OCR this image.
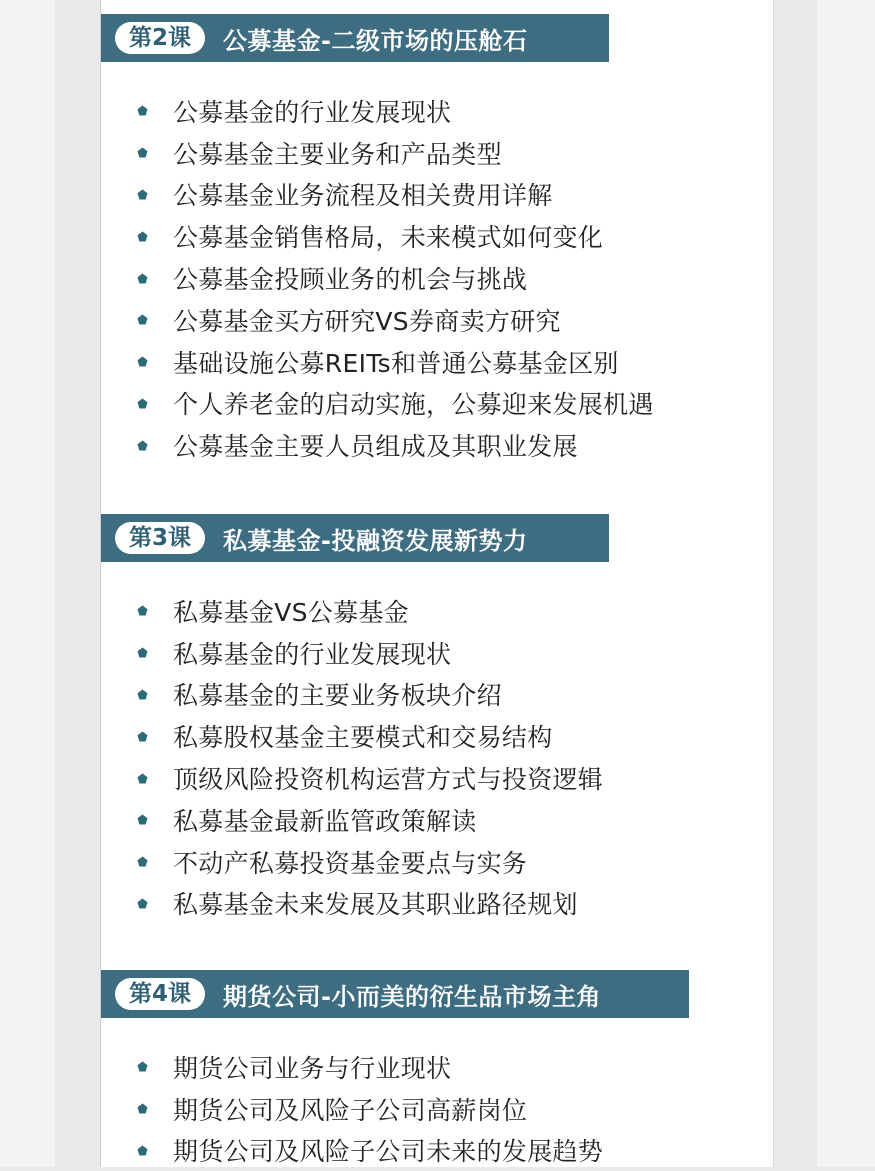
第2课	公募基金-二级市场的压舱石
公募基金的行业发展现状
公募基金主要业务和产品类型
公募基金业务流程及相关费用详解
公募基金销售格局，未来模式如何变化
公募基金投顾业务的机会与挑战
公募基金买方研究VS券商卖方研究
基础设施公募REITs和普通公募基金区别
个人养老金的启动实施，公募迎来发展机遇
公募基金主要人员组成及其职业发展
第3课	私募基金-投融资发展新势力
私募基金VS公募基金
私募基金的行业发展现状
私募基金的主要业务板块介绍
私募股权基金主要模式和交易结构
顶级风险投资机构运营方式与投资逻辑
私募基金最新监管政策解读
不动产私募投资基金要点与实务
私募基金未来发展及其职业路径规划
第4课	期货公司-小而美的衍生品市场主角
期货公司业务与行业现状
期货公司及风险子公司高薪岗位
期货公司及风险子公司未来的发展趋势
